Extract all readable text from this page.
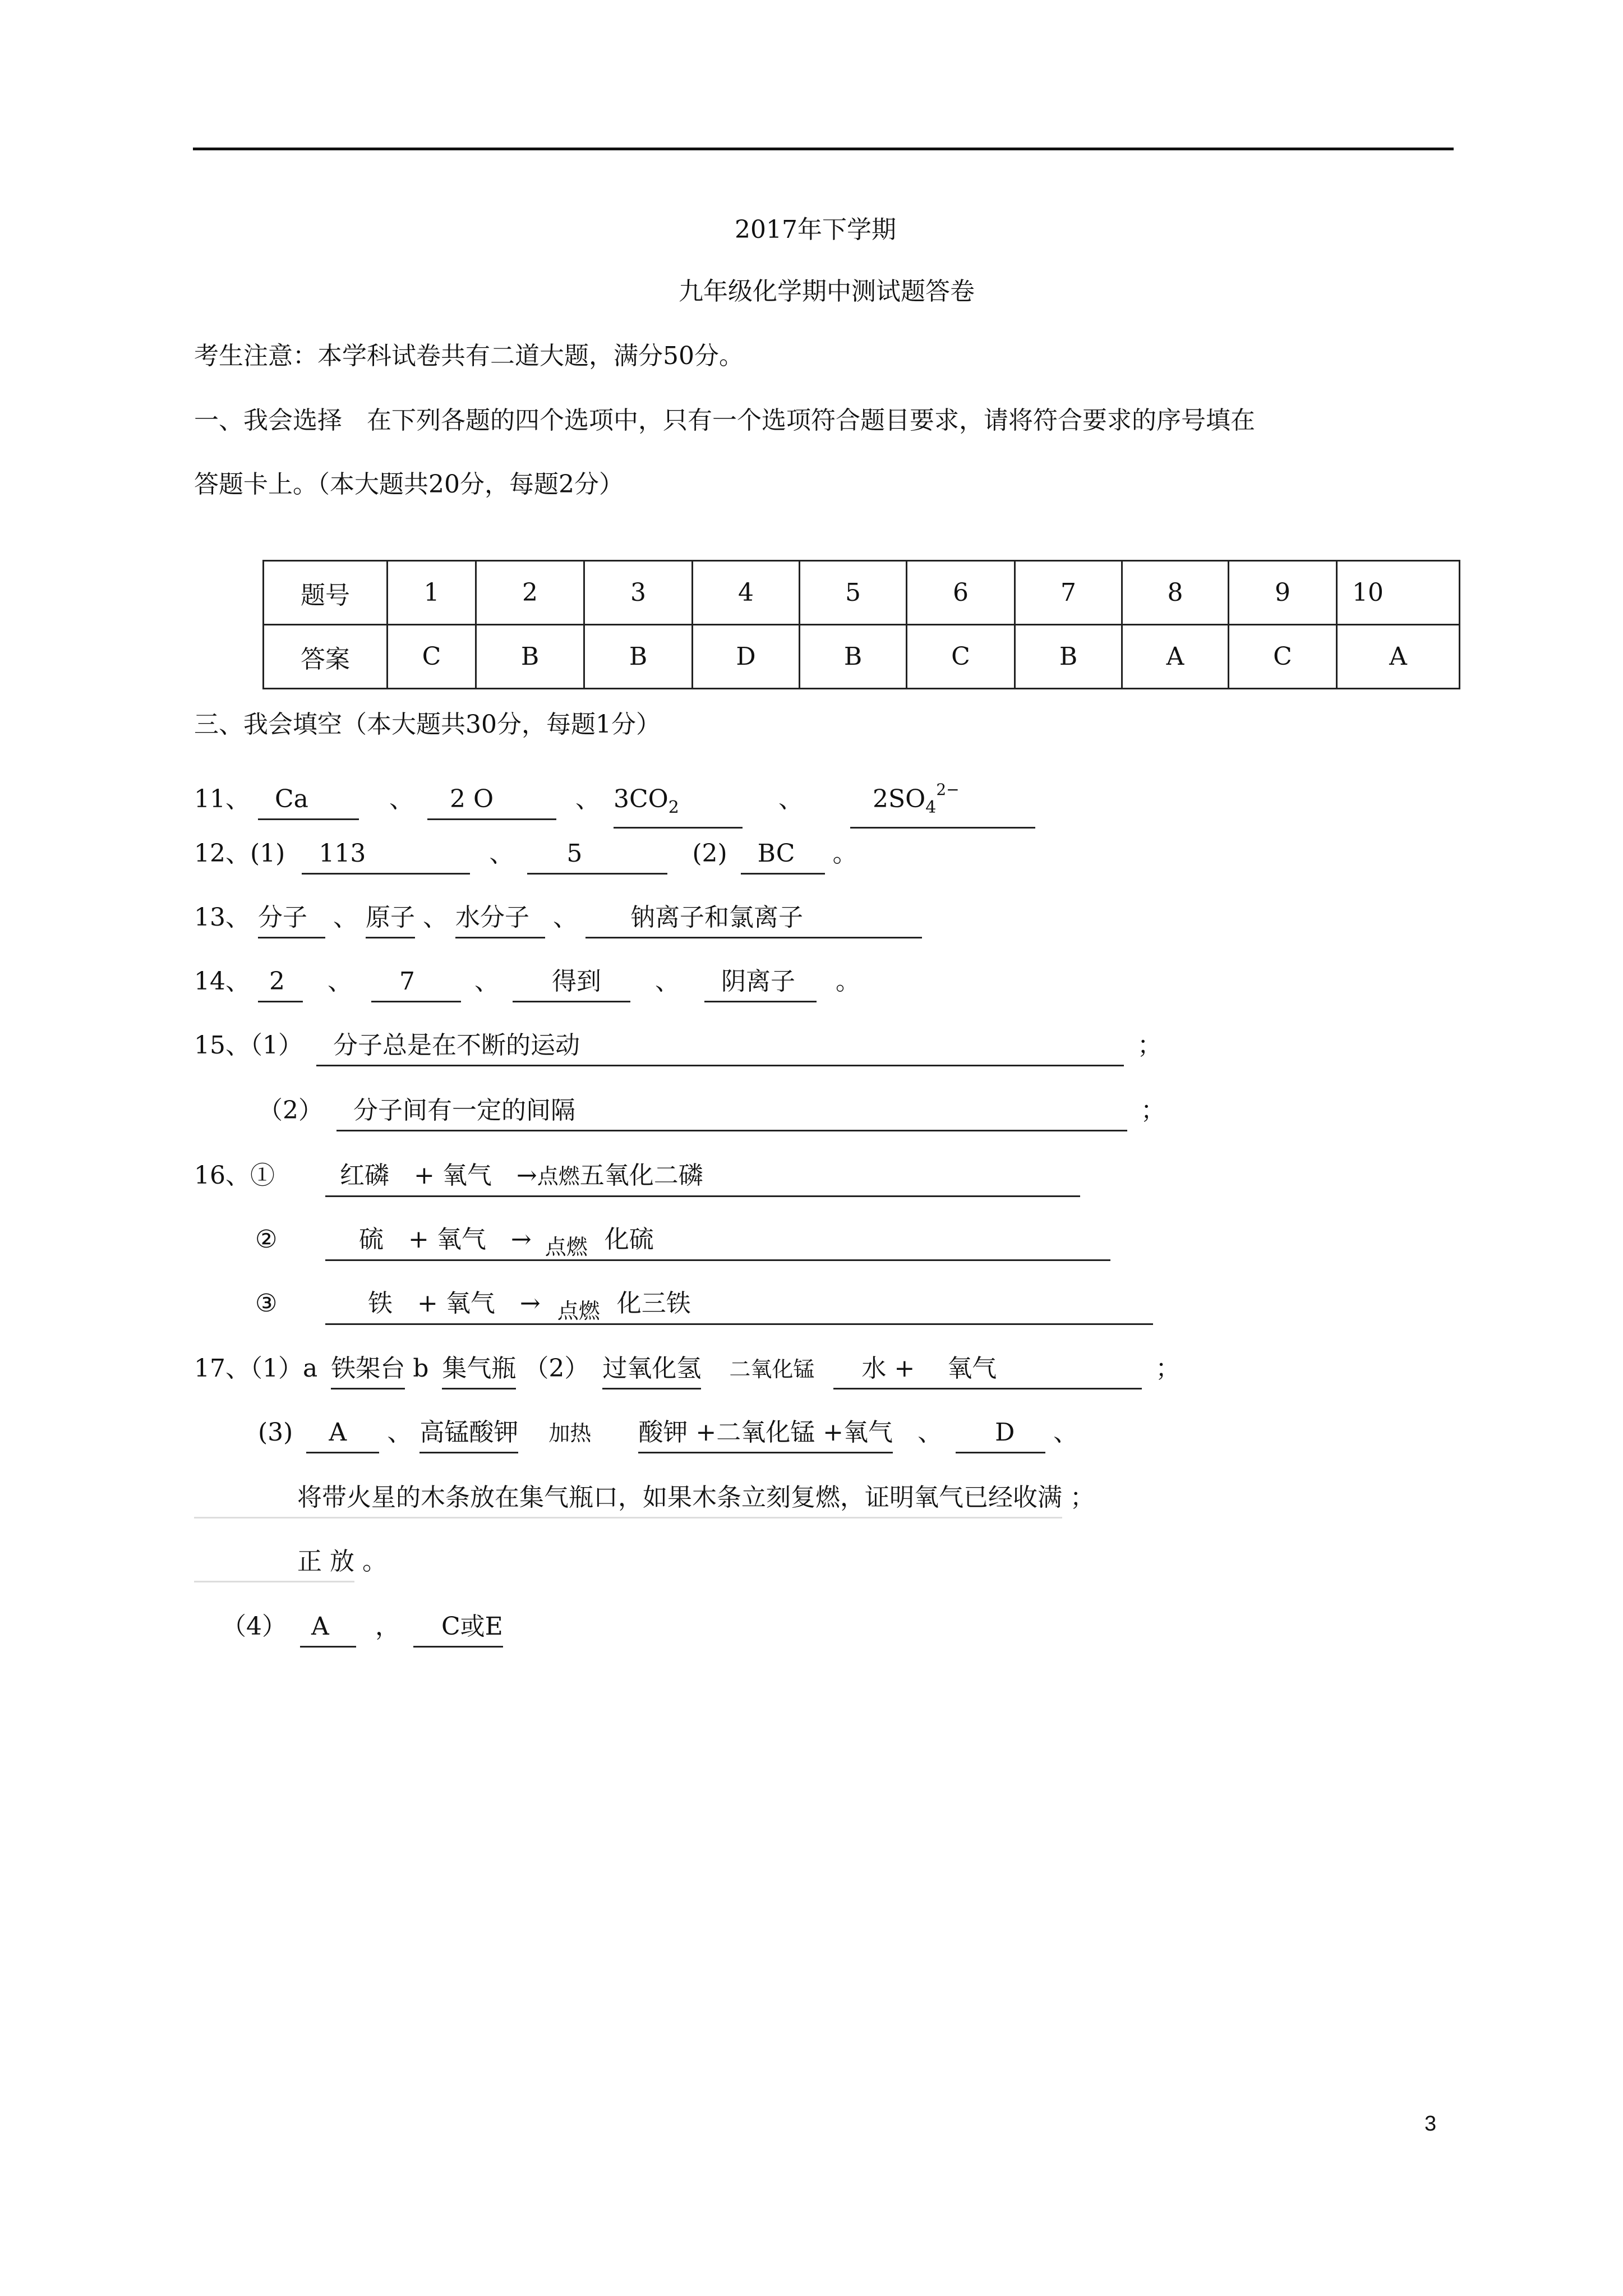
2017年下学期
九年级化学期中测试题答卷
考生注意：本学科试卷共有二道大题，满分50分。
一、我会选择　在下列各题的四个选项中，只有一个选项符合题目要求，请将符合要求的序号填在
答题卡上。（本大题共20分，每题2分）
题号	1	2	3	4	5	6	7	8	9	10
答案	C	B	B	D	B	C	B	A	C	A
三、我会填空（本大题共30分，每题1分）
11、 Ca	、 2 O	、 $3CO_2$	、	$2SO_4^{2-}$
12、(1) 113	、 5	(2) BC 。
13、 分子 、 原子 、 水分子 、 钠离子和氯离子
14、 2 、 7 、 得到 、 阴离子 。
15、（1） 分子总是在不断的运动	；
（2） 分子间有一定的间隔	；
16、①	红磷　+ 氧气　→点燃五氧化二磷
②	硫　+ 氧气　→ 点燃 化硫
③	铁　+ 氧气　→ 点燃 化三铁
17、（1）a 铁架台 b 集气瓶 （2） 过氧化氢 二氧化锰 水 +　 氧气	；
(3) A 、 高锰酸钾 加热 酸钾 +二氧化锰 +氧气 、 D 、
将带火星的木条放在集气瓶口，如果木条立刻复燃，证明氧气已经收满 ；
正 放 。
（4） A ， C或E
3
